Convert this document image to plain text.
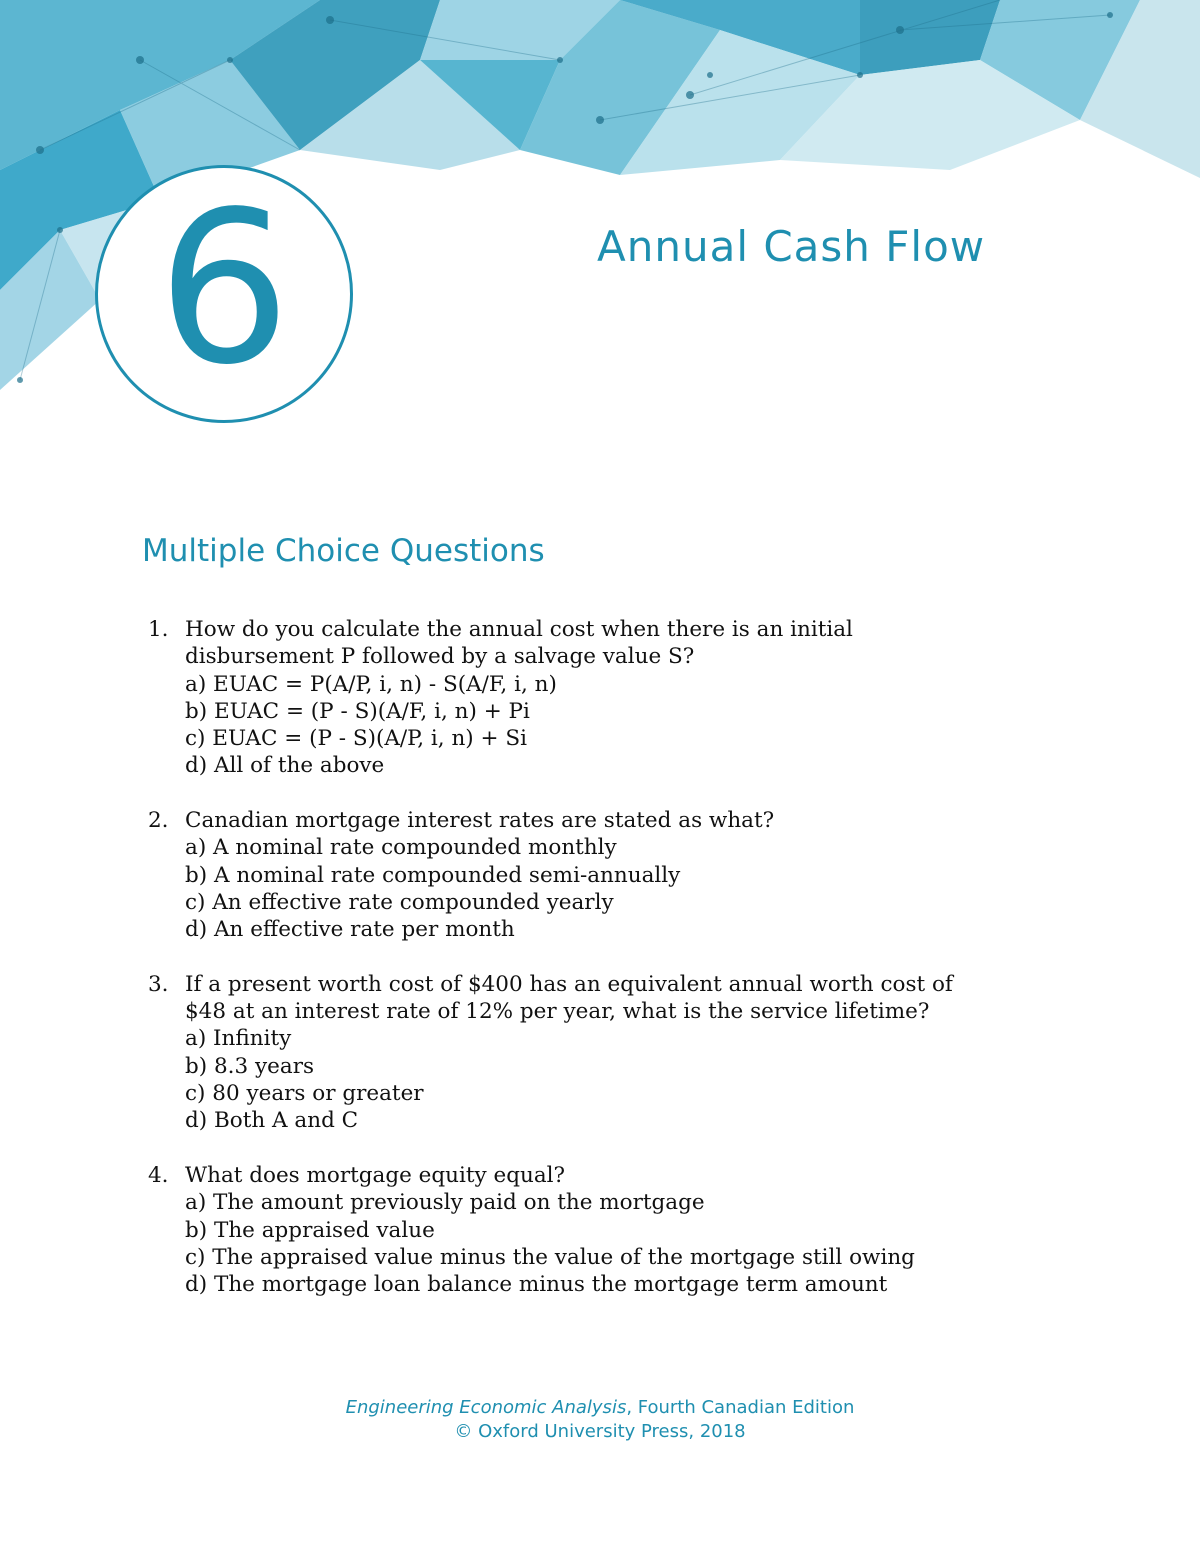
6	Annual Cash Flow
Multiple Choice Questions
1. How do you calculate the annual cost when there is an initial
disbursement P followed by a salvage value S?
a) EUAC = P(A/P, i, n) - S(A/F, i, n)
b) EUAC = (P - S)(A/F, i, n) + Pi
c) EUAC = (P - S)(A/P, i, n) + Si
d) All of the above
2. Canadian mortgage interest rates are stated as what?
a) A nominal rate compounded monthly
b) A nominal rate compounded semi-annually
c) An effective rate compounded yearly
d) An effective rate per month
3. If a present worth cost of $400 has an equivalent annual worth cost of
$48 at an interest rate of 12% per year, what is the service lifetime?
a) Infinity
b) 8.3 years
c) 80 years or greater
d) Both A and C
4. What does mortgage equity equal?
a) The amount previously paid on the mortgage
b) The appraised value
c) The appraised value minus the value of the mortgage still owing
d) The mortgage loan balance minus the mortgage term amount
Engineering Economic Analysis, Fourth Canadian Edition
© Oxford University Press, 2018
